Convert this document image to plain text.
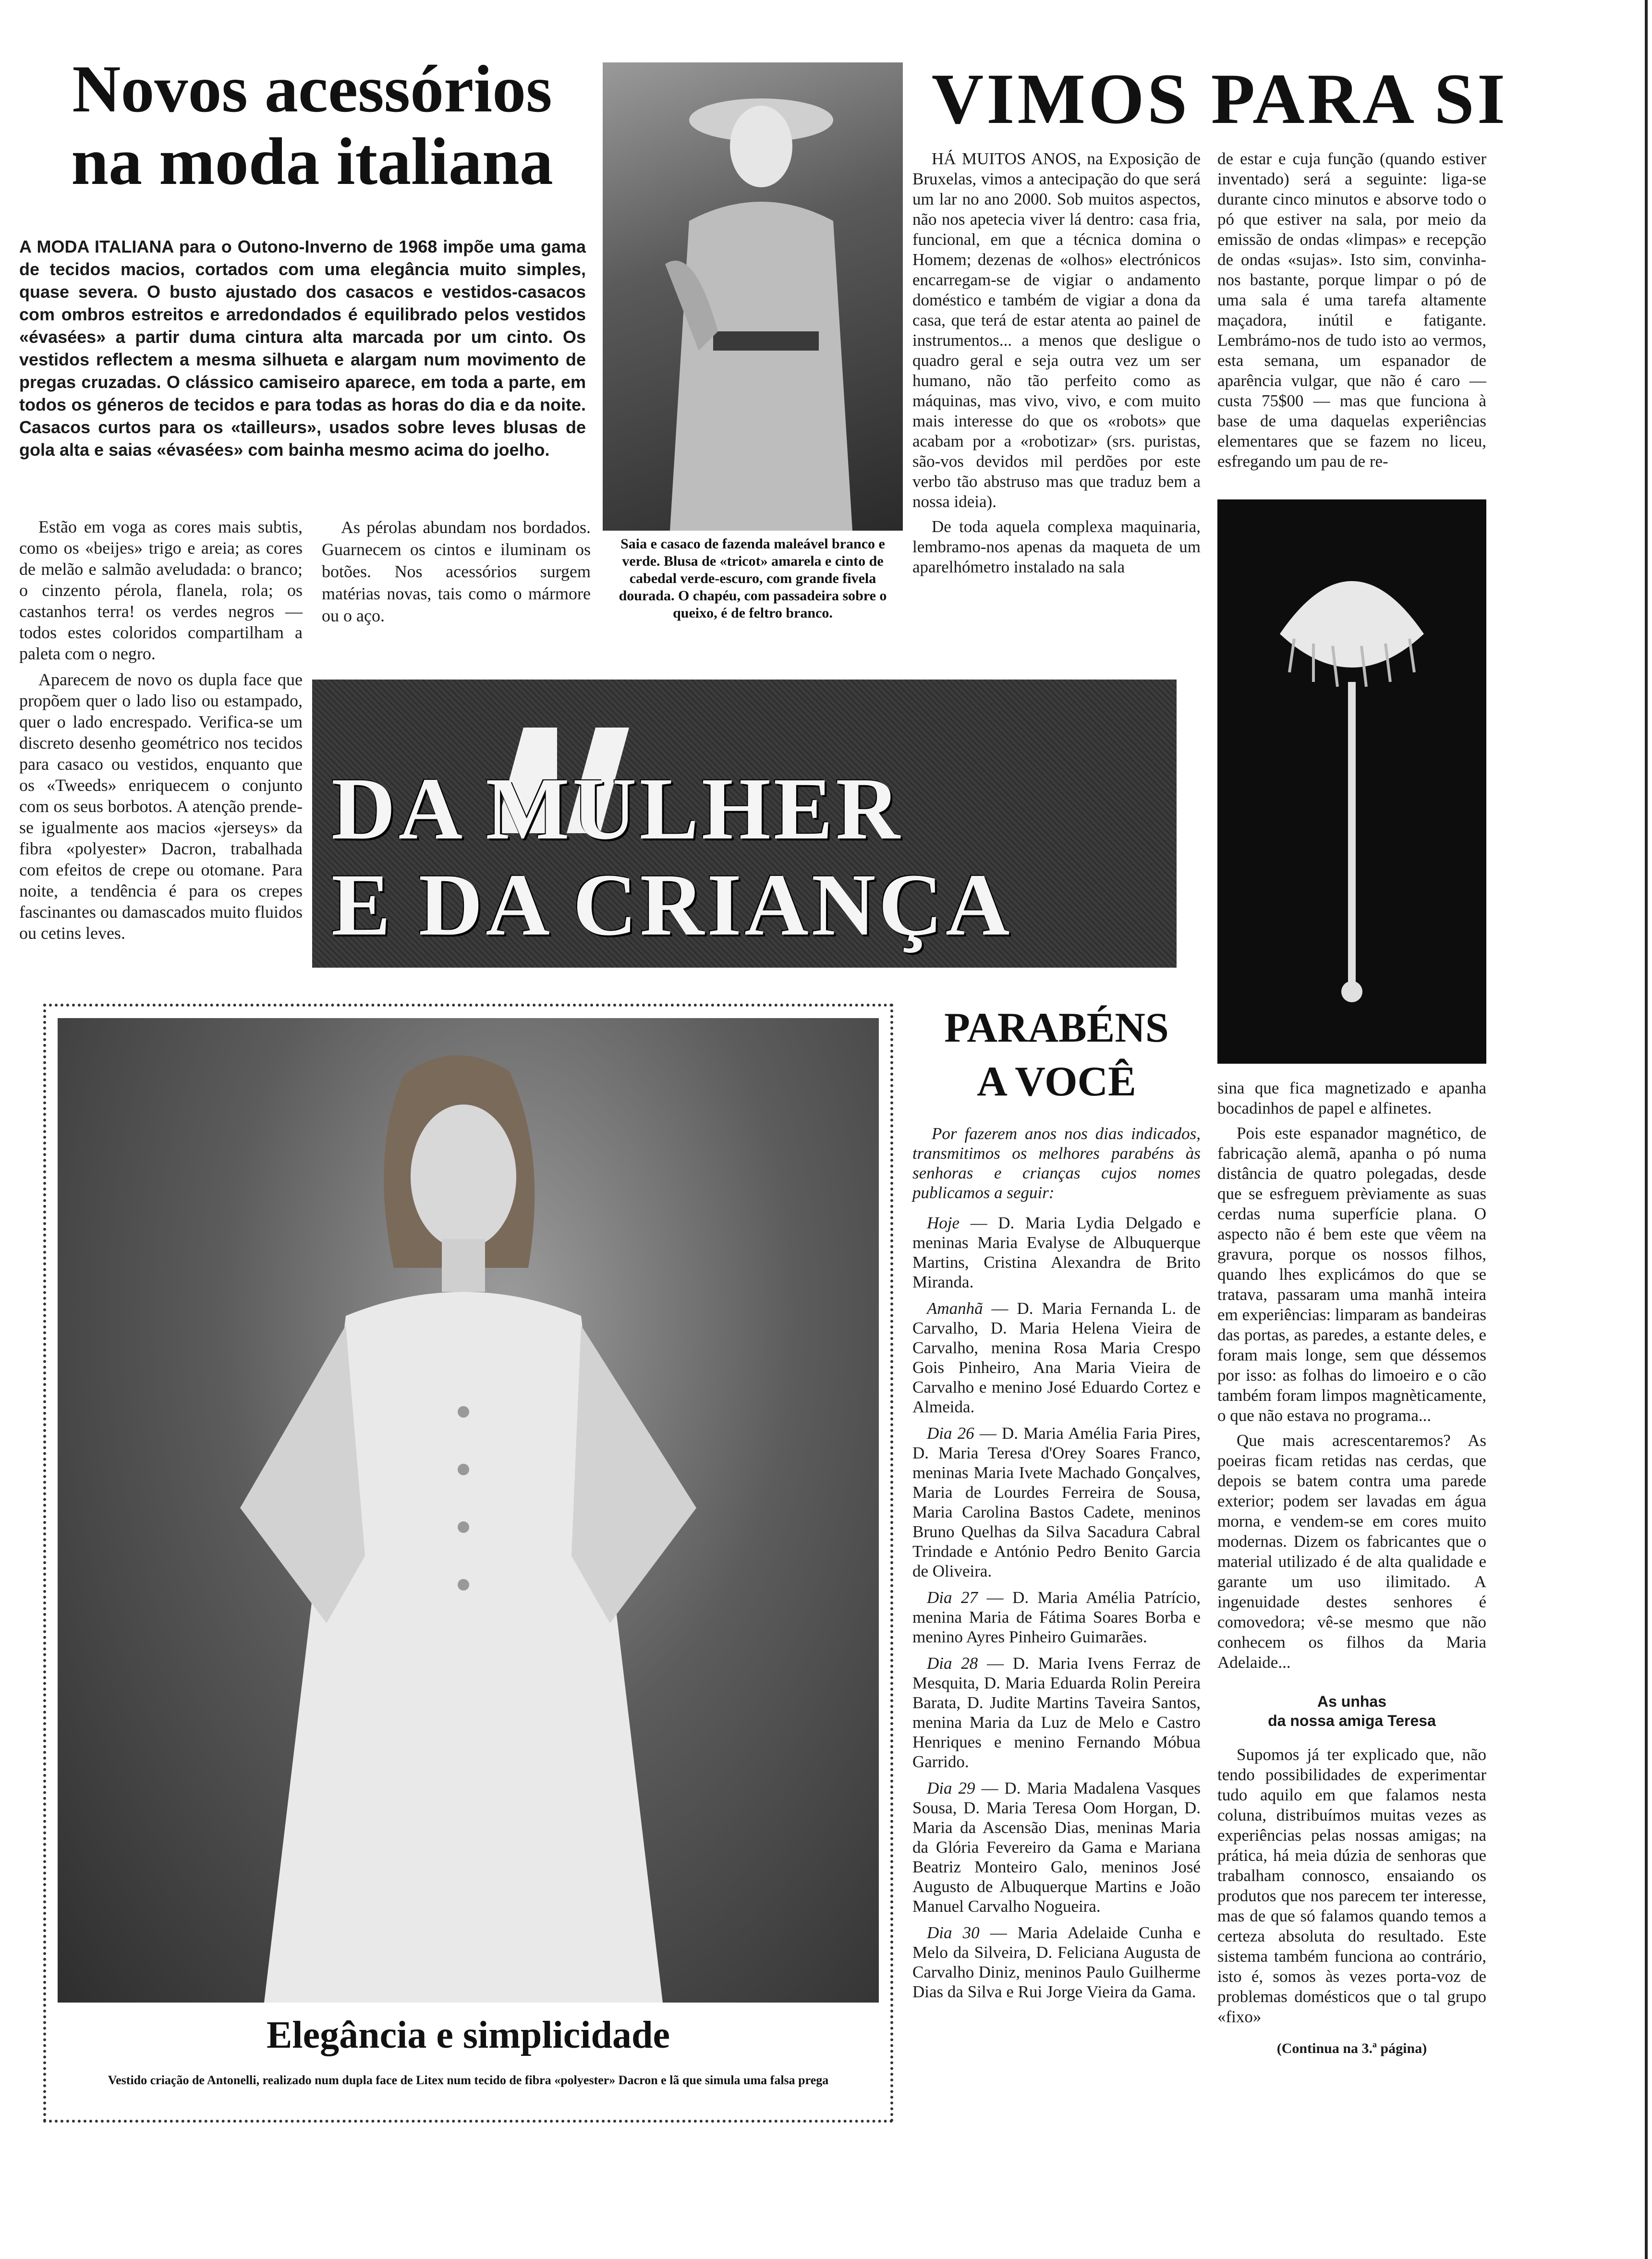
Novos acessórios
na moda italiana
A MODA ITALIANA para o Outono-Inverno de 1968 impõe uma gama de tecidos macios, cortados com uma elegância muito simples, quase severa. O busto ajustado dos casacos e vestidos-casacos com ombros estreitos e arredondados é equilibrado pelos vestidos «évasées» a partir duma cintura alta marcada por um cinto. Os vestidos reflectem a mesma silhueta e alargam num movimento de pregas cruzadas. O clássico camiseiro aparece, em toda a parte, em todos os géneros de tecidos e para todas as horas do dia e da noite. Casacos curtos para os «tailleurs», usados sobre leves blusas de gola alta e saias «évasées» com bainha mesmo acima do joelho.

Estão em voga as cores mais subtis, como os «beijes» trigo e areia; as cores de melão e salmão aveludada: o branco; o cinzento pérola, flanela, rola; os castanhos terra! os verdes negros — todos estes coloridos compartilham a paleta com o negro.

Aparecem de novo os dupla face que propõem quer o lado liso ou estampado, quer o lado encrespado. Verifica-se um discreto desenho geométrico nos tecidos para casaco ou vestidos, enquanto que os «Tweeds» enriquecem o conjunto com os seus borbotos. A atenção prende-se igualmente aos macios «jerseys» da fibra «polyester» Dacron, trabalhada com efeitos de crepe ou otomane. Para noite, a tendência é para os crepes fascinantes ou damascados muito fluidos ou cetins leves.

As pérolas abundam nos bordados. Guarnecem os cintos e iluminam os botões. Nos acessórios surgem matérias novas, tais como o mármore ou o aço.

Saia e casaco de fazenda maleável branco e verde. Blusa de «tricot» amarela e cinto de cabedal verde-escuro, com grande fivela dourada. O chapéu, com passadeira sobre o queixo, é de feltro branco.
DA MULHER
E DA CRIANÇA
Elegância e simplicidade
Vestido criação de Antonelli, realizado num dupla face de Litex num tecido de fibra «polyester» Dacron e lã que simula uma falsa prega
VIMOS PARA SI

HÁ MUITOS ANOS, na Exposição de Bruxelas, vimos a antecipação do que será um lar no ano 2000. Sob muitos aspectos, não nos apetecia viver lá dentro: casa fria, funcional, em que a técnica domina o Homem; dezenas de «olhos» electrónicos encarregam-se de vigiar o andamento doméstico e também de vigiar a dona da casa, que terá de estar atenta ao painel de instrumentos... a menos que desligue o quadro geral e seja outra vez um ser humano, não tão perfeito como as máquinas, mas vivo, vivo, e com muito mais interesse do que os «robots» que acabam por a «robotizar» (srs. puristas, são-vos devidos mil perdões por este verbo tão abstruso mas que traduz bem a nossa ideia).

De toda aquela complexa maquinaria, lembramo-nos apenas da maqueta de um aparelhómetro instalado na sala

de estar e cuja função (quando estiver inventado) será a seguinte: liga-se durante cinco minutos e absorve todo o pó que estiver na sala, por meio da emissão de ondas «limpas» e recepção de ondas «sujas». Isto sim, convinha-nos bastante, porque limpar o pó de uma sala é uma tarefa altamente maçadora, inútil e fatigante. Lembrámo-nos de tudo isto ao vermos, esta semana, um espanador de aparência vulgar, que não é caro — custa 75$00 — mas que funciona à base de uma daquelas experiências elementares que se fazem no liceu, esfregando um pau de re-

sina que fica magnetizado e apanha bocadinhos de papel e alfinetes.

Pois este espanador magnético, de fabricação alemã, apanha o pó numa distância de quatro polegadas, desde que se esfreguem prèviamente as suas cerdas numa superfície plana. O aspecto não é bem este que vêem na gravura, porque os nossos filhos, quando lhes explicámos do que se tratava, passaram uma manhã inteira em experiências: limparam as bandeiras das portas, as paredes, a estante deles, e foram mais longe, sem que déssemos por isso: as folhas do limoeiro e o cão também foram limpos magnèticamente, o que não estava no programa...

Que mais acrescentaremos? As poeiras ficam retidas nas cerdas, que depois se batem contra uma parede exterior; podem ser lavadas em água morna, e vendem-se em cores muito modernas. Dizem os fabricantes que o material utilizado é de alta qualidade e garante um uso ilimitado. A ingenuidade destes senhores é comovedora; vê-se mesmo que não conhecem os filhos da Maria Adelaide...

As unhas
da nossa amiga Teresa

Supomos já ter explicado que, não tendo possibilidades de experimentar tudo aquilo em que falamos nesta coluna, distribuímos muitas vezes as experiências pelas nossas amigas; na prática, há meia dúzia de senhoras que trabalham connosco, ensaiando os produtos que nos parecem ter interesse, mas de que só falamos quando temos a certeza absoluta do resultado. Este sistema também funciona ao contrário, isto é, somos às vezes porta-voz de problemas domésticos que o tal grupo «fixo»

(Continua na 3.ª página)
PARABÉNS
A VOCÊ

Por fazerem anos nos dias indicados, transmitimos os melhores parabéns às senhoras e crianças cujos nomes publicamos a seguir:

Hoje — D. Maria Lydia Delgado e meninas Maria Evalyse de Albuquerque Martins, Cristina Alexandra de Brito Miranda.
Amanhã — D. Maria Fernanda L. de Carvalho, D. Maria Helena Vieira de Carvalho, menina Rosa Maria Crespo Gois Pinheiro, Ana Maria Vieira de Carvalho e menino José Eduardo Cortez e Almeida.
Dia 26 — D. Maria Amélia Faria Pires, D. Maria Teresa d'Orey Soares Franco, meninas Maria Ivete Machado Gonçalves, Maria de Lourdes Ferreira de Sousa, Maria Carolina Bastos Cadete, meninos Bruno Quelhas da Silva Sacadura Cabral Trindade e António Pedro Benito Garcia de Oliveira.
Dia 27 — D. Maria Amélia Patrício, menina Maria de Fátima Soares Borba e menino Ayres Pinheiro Guimarães.
Dia 28 — D. Maria Ivens Ferraz de Mesquita, D. Maria Eduarda Rolin Pereira Barata, D. Judite Martins Taveira Santos, menina Maria da Luz de Melo e Castro Henriques e menino Fernando Móbua Garrido.
Dia 29 — D. Maria Madalena Vasques Sousa, D. Maria Teresa Oom Horgan, D. Maria da Ascensão Dias, meninas Maria da Glória Fevereiro da Gama e Mariana Beatriz Monteiro Galo, meninos José Augusto de Albuquerque Martins e João Manuel Carvalho Nogueira.
Dia 30 — Maria Adelaide Cunha e Melo da Silveira, D. Feliciana Augusta de Carvalho Diniz, meninos Paulo Guilherme Dias da Silva e Rui Jorge Vieira da Gama.
